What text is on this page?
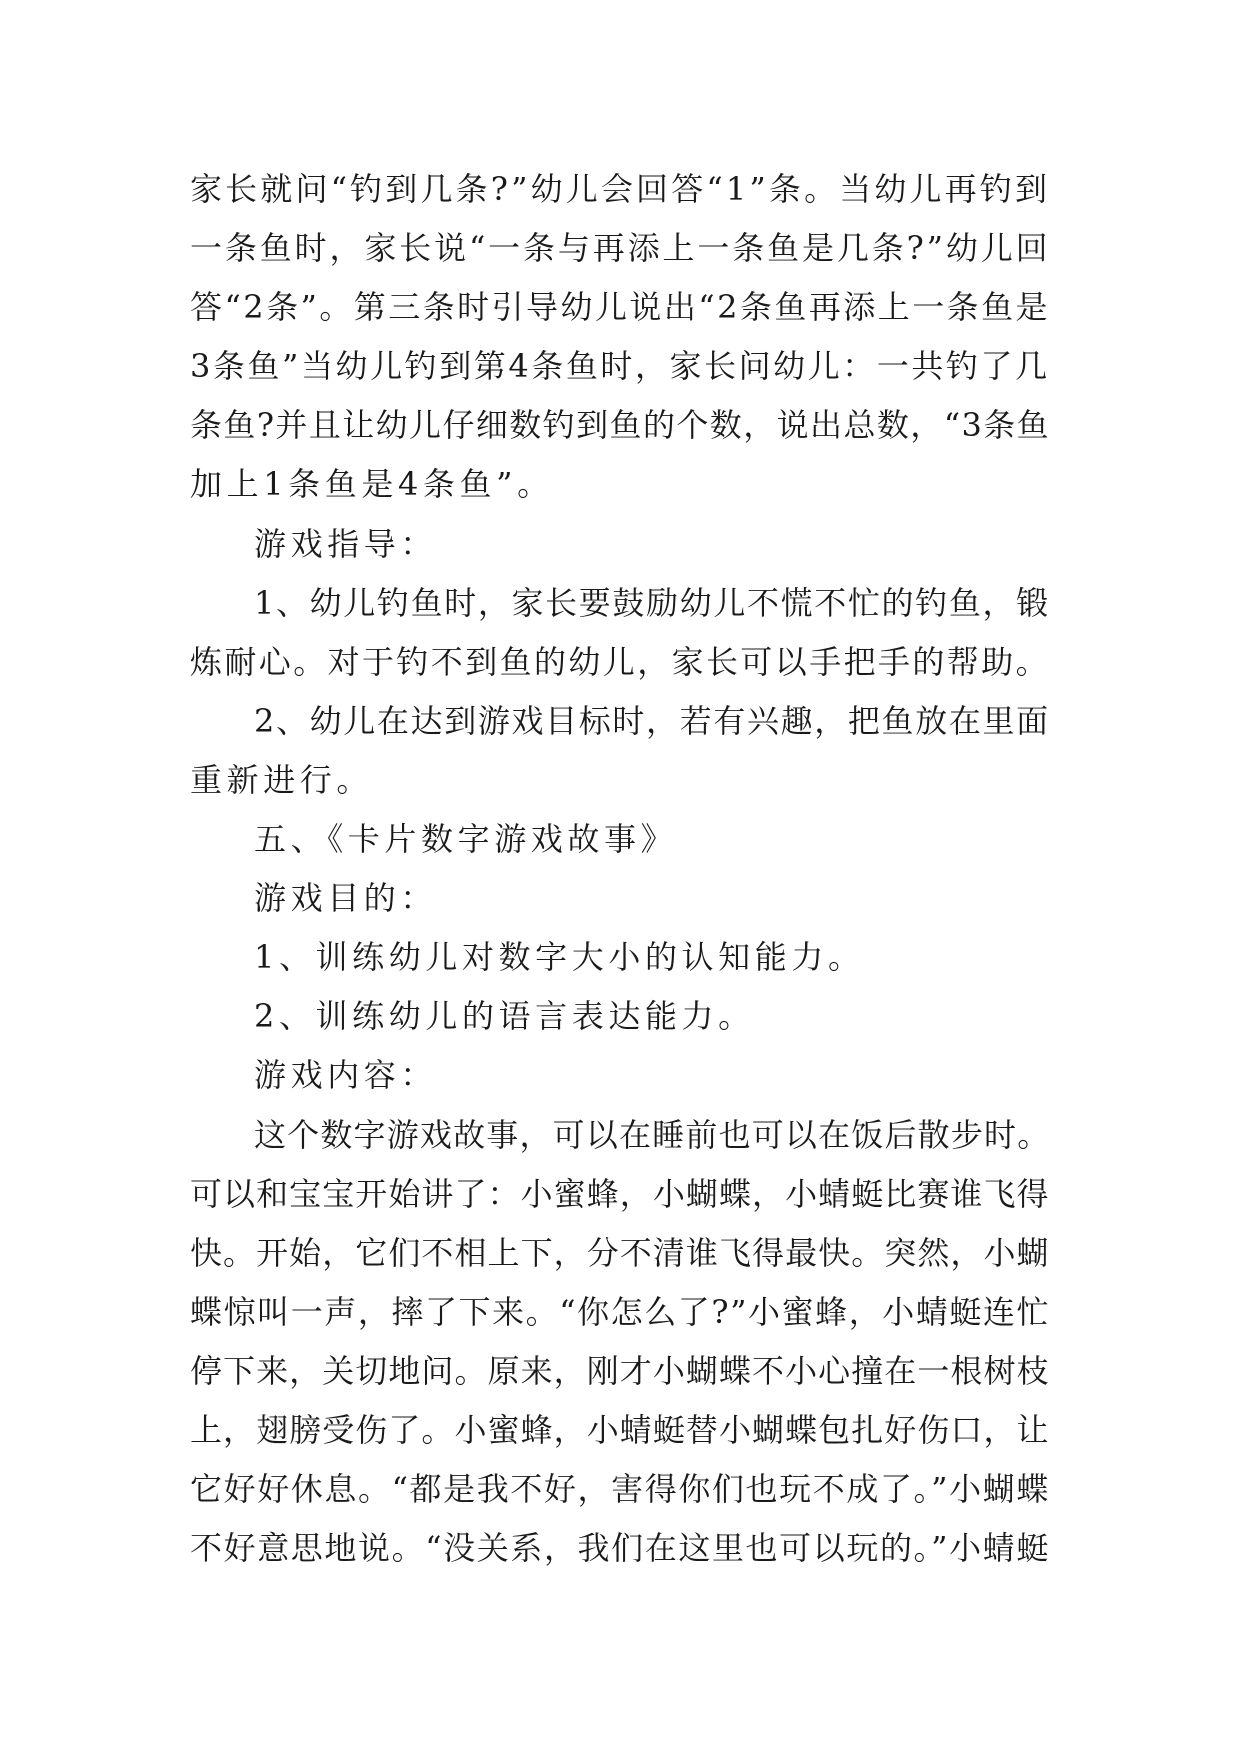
家长就问“钓到几条?”幼儿会回答“1”条。当幼儿再钓到
一条鱼时，家长说“一条与再添上一条鱼是几条?”幼儿回
答“2条”。第三条时引导幼儿说出“2条鱼再添上一条鱼是
3条鱼”当幼儿钓到第4条鱼时，家长问幼儿：一共钓了几
条鱼?并且让幼儿仔细数钓到鱼的个数，说出总数，“3条鱼
加上1条鱼是4条鱼”。
游戏指导：
1、幼儿钓鱼时，家长要鼓励幼儿不慌不忙的钓鱼，锻
炼耐心。对于钓不到鱼的幼儿，家长可以手把手的帮助。
2、幼儿在达到游戏目标时，若有兴趣，把鱼放在里面
重新进行。
五、《卡片数字游戏故事》
游戏目的：
1、训练幼儿对数字大小的认知能力。
2、训练幼儿的语言表达能力。
游戏内容：
这个数字游戏故事，可以在睡前也可以在饭后散步时。
可以和宝宝开始讲了：小蜜蜂，小蝴蝶，小蜻蜓比赛谁飞得
快。开始，它们不相上下，分不清谁飞得最快。突然，小蝴
蝶惊叫一声，摔了下来。“你怎么了?”小蜜蜂，小蜻蜓连忙
停下来，关切地问。原来，刚才小蝴蝶不小心撞在一根树枝
上，翅膀受伤了。小蜜蜂，小蜻蜓替小蝴蝶包扎好伤口，让
它好好休息。“都是我不好，害得你们也玩不成了。”小蝴蝶
不好意思地说。“没关系，我们在这里也可以玩的。”小蜻蜓
